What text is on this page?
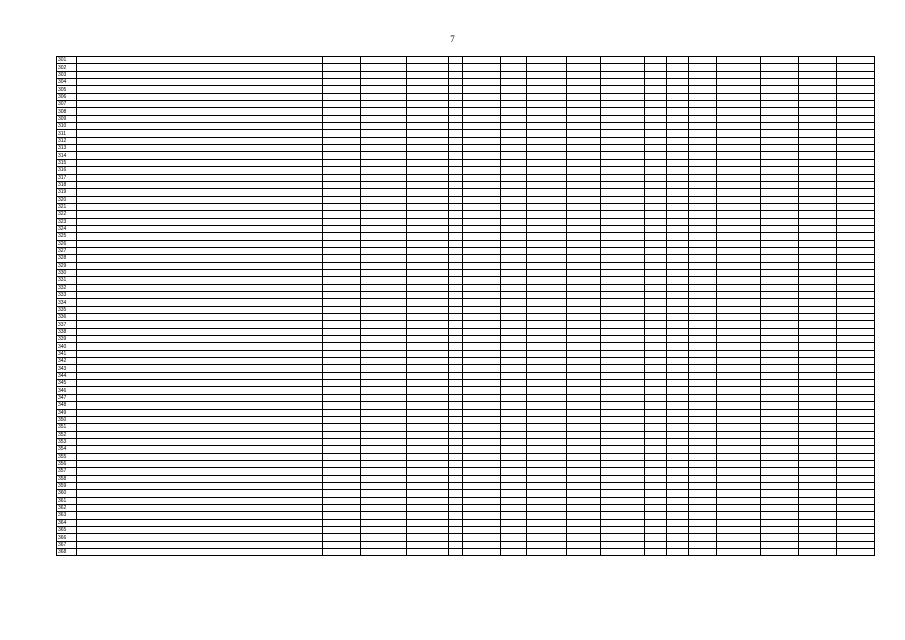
7
301																	
302																	
303																	
304																	
305																	
306																	
307																	
308																	
309																	
310																	
311																	
312																	
313																	
314																	
315																	
316																	
317																	
318																	
319																	
320																	
321																	
322																	
323																	
324																	
325																	
326																	
327																	
328																	
329																	
330																	
331																	
332																	
333																	
334																	
335																	
336																	
337																	
338																	
339																	
340																	
341																	
342																	
343																	
344																	
345																	
346																	
347																	
348																	
349																	
350																	
351																	
352																	
353																	
354																	
355																	
356																	
357																	
358																	
359																	
360																	
361																	
362																	
363																	
364																	
365																	
366																	
367																	
368																	
